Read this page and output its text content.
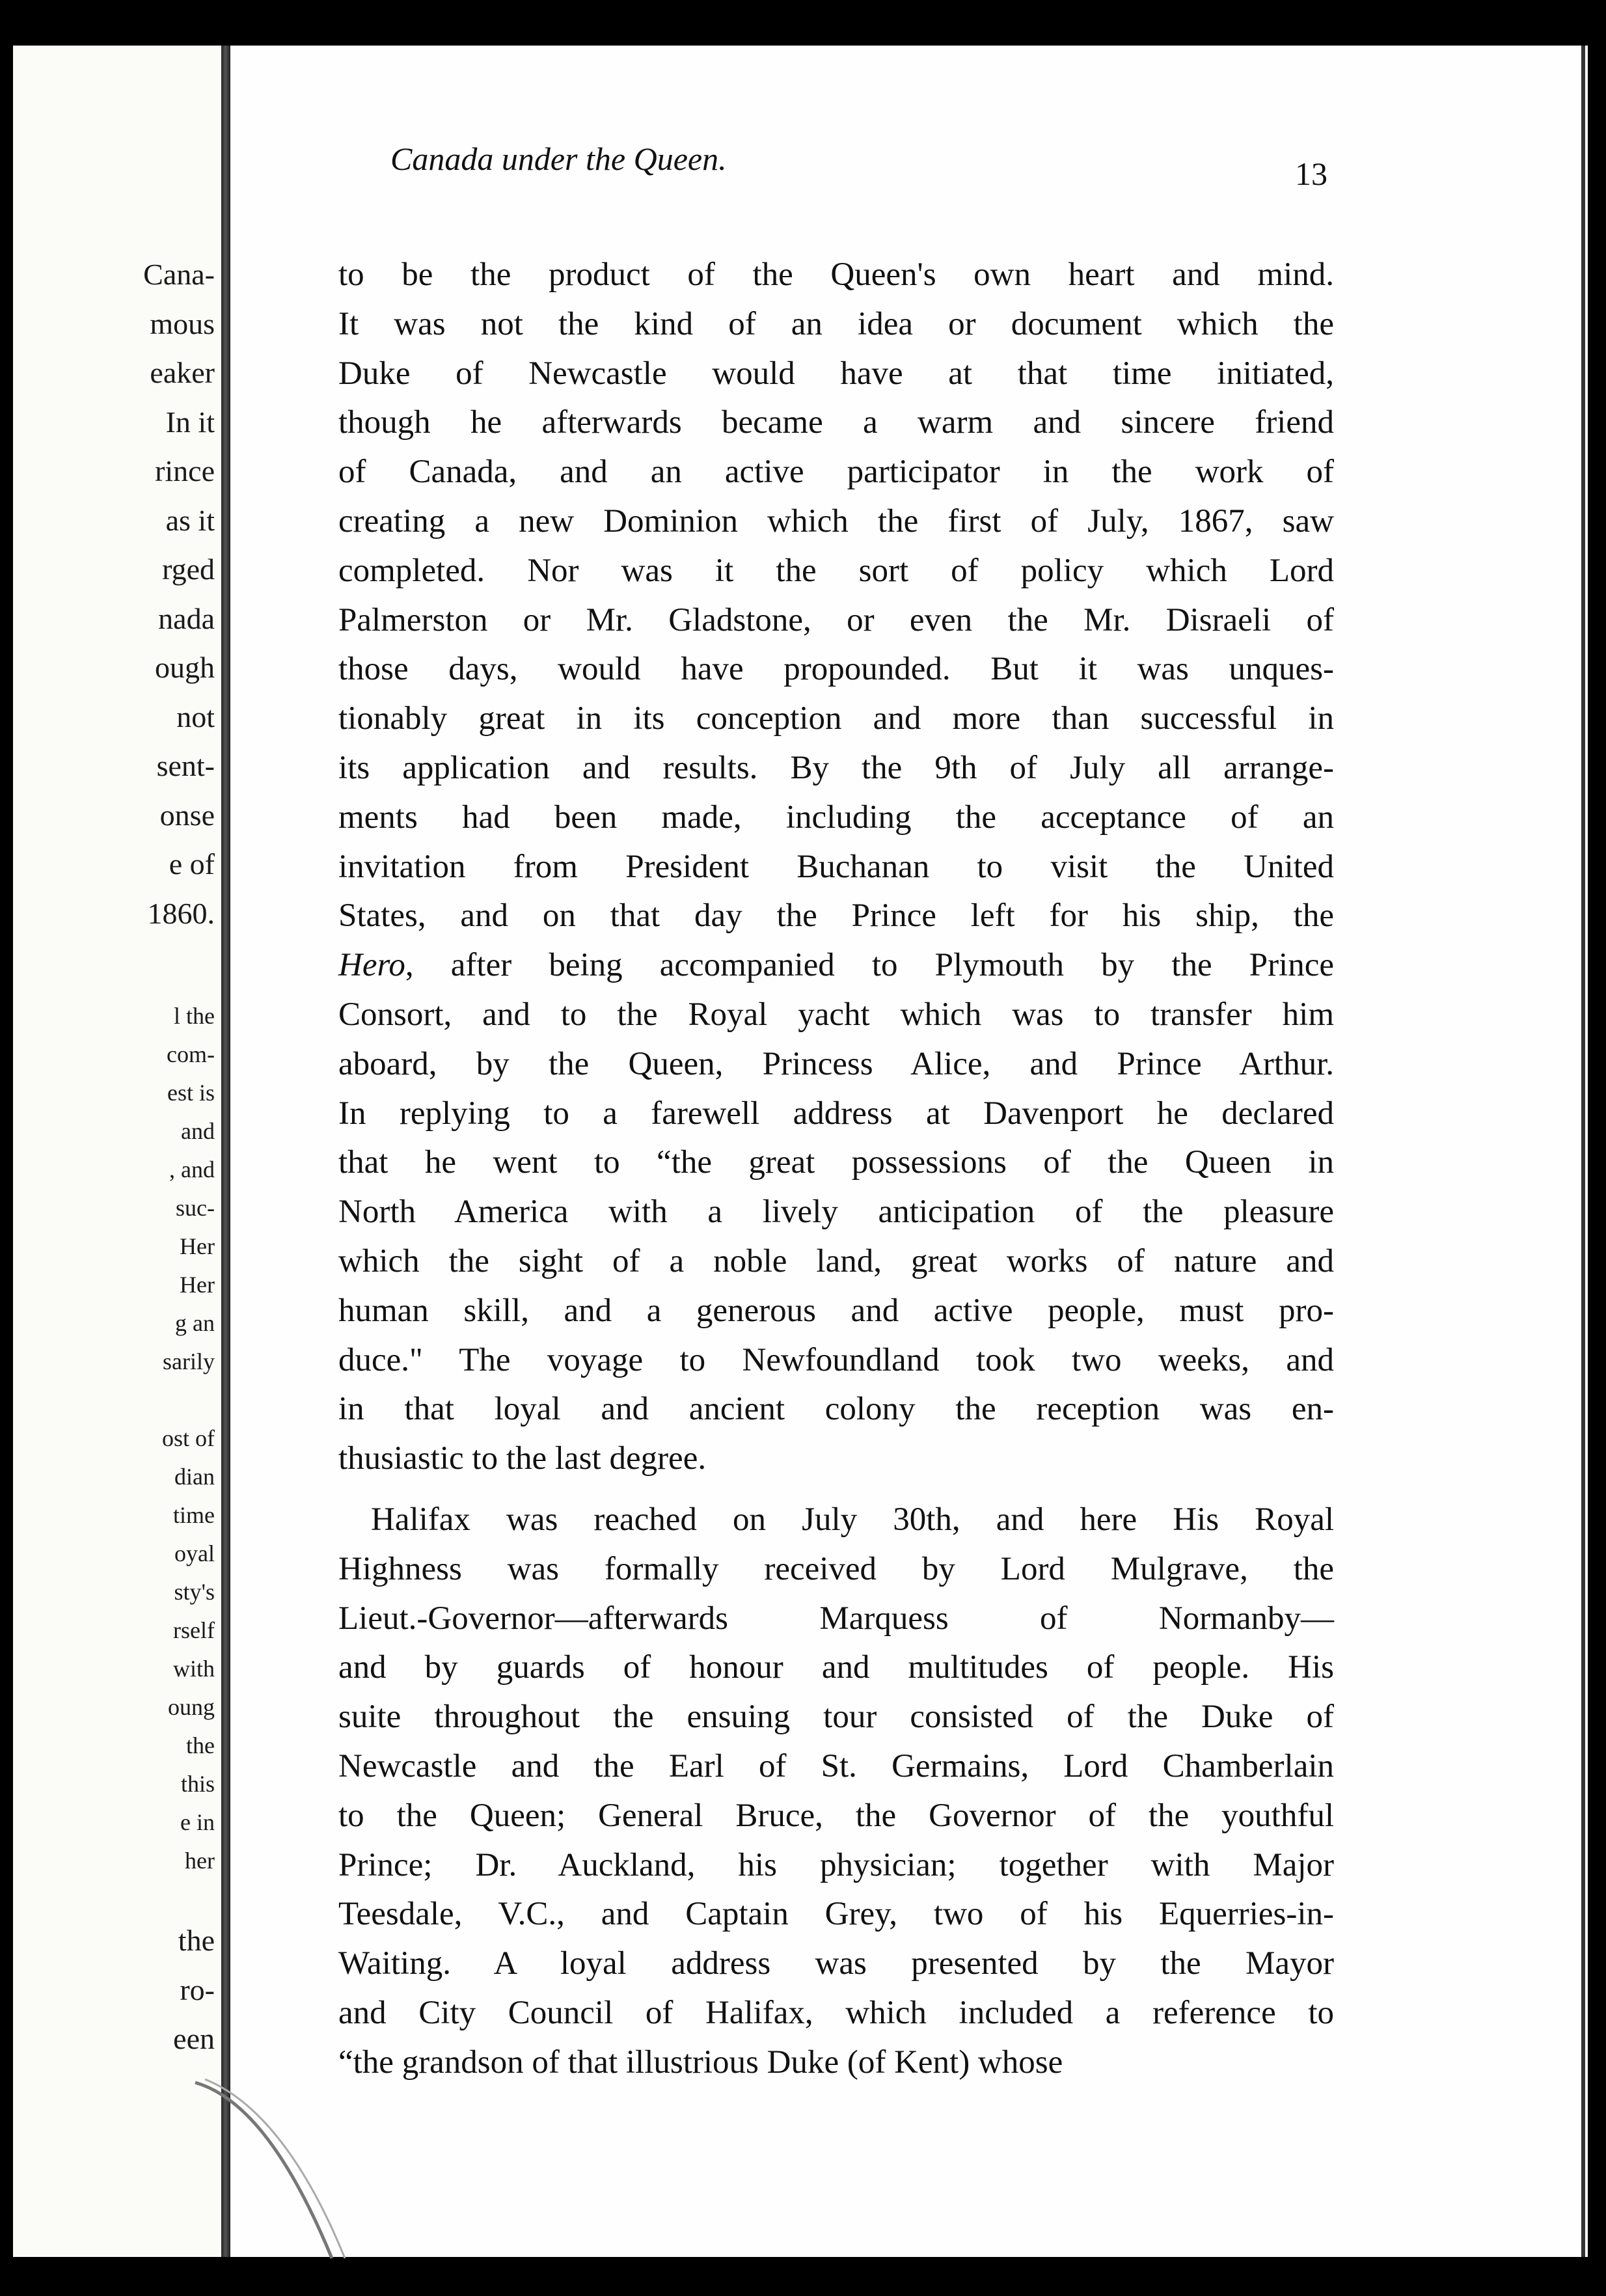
Cana-

mous

eaker

In it

rince

as it

rged

nada

ough

not

sent-

onse

e of

1860.

l the

com-

est is

and

, and

suc-

Her

Her

g an

sarily

ost of

dian

time

oyal

sty's

rself

with

oung

the

this

e in

her

the

ro-

een

Canada under the Queen.	13

to be the product of the Queen's own heart and mind.
It was not the kind of an idea or document which the
Duke of Newcastle would have at that time initiated,
though he afterwards became a warm and sincere friend
of Canada, and an active participator in the work of
creating a new Dominion which the first of July, 1867, saw
completed. Nor was it the sort of policy which Lord
Palmerston or Mr. Gladstone, or even the Mr. Disraeli of
those days, would have propounded. But it was unques-
tionably great in its conception and more than successful in
its application and results. By the 9th of July all arrange-
ments had been made, including the acceptance of an
invitation from President Buchanan to visit the United
States, and on that day the Prince left for his ship, the
Hero, after being accompanied to Plymouth by the Prince
Consort, and to the Royal yacht which was to transfer him
aboard, by the Queen, Princess Alice, and Prince Arthur.
In replying to a farewell address at Davenport he declared
that he went to “the great possessions of the Queen in
North America with a lively anticipation of the pleasure
which the sight of a noble land, great works of nature and
human skill, and a generous and active people, must pro-
duce." The voyage to Newfoundland took two weeks, and
in that loyal and ancient colony the reception was en-
thusiastic to the last degree.
Halifax was reached on July 30th, and here His Royal
Highness was formally received by Lord Mulgrave, the
Lieut.-Governor—afterwards Marquess of Normanby—
and by guards of honour and multitudes of people. His
suite throughout the ensuing tour consisted of the Duke of
Newcastle and the Earl of St. Germains, Lord Chamberlain
to the Queen; General Bruce, the Governor of the youthful
Prince; Dr. Auckland, his physician; together with Major
Teesdale, V.C., and Captain Grey, two of his Equerries-in-
Waiting. A loyal address was presented by the Mayor
and City Council of Halifax, which included a reference to
“the grandson of that illustrious Duke (of Kent) whose
